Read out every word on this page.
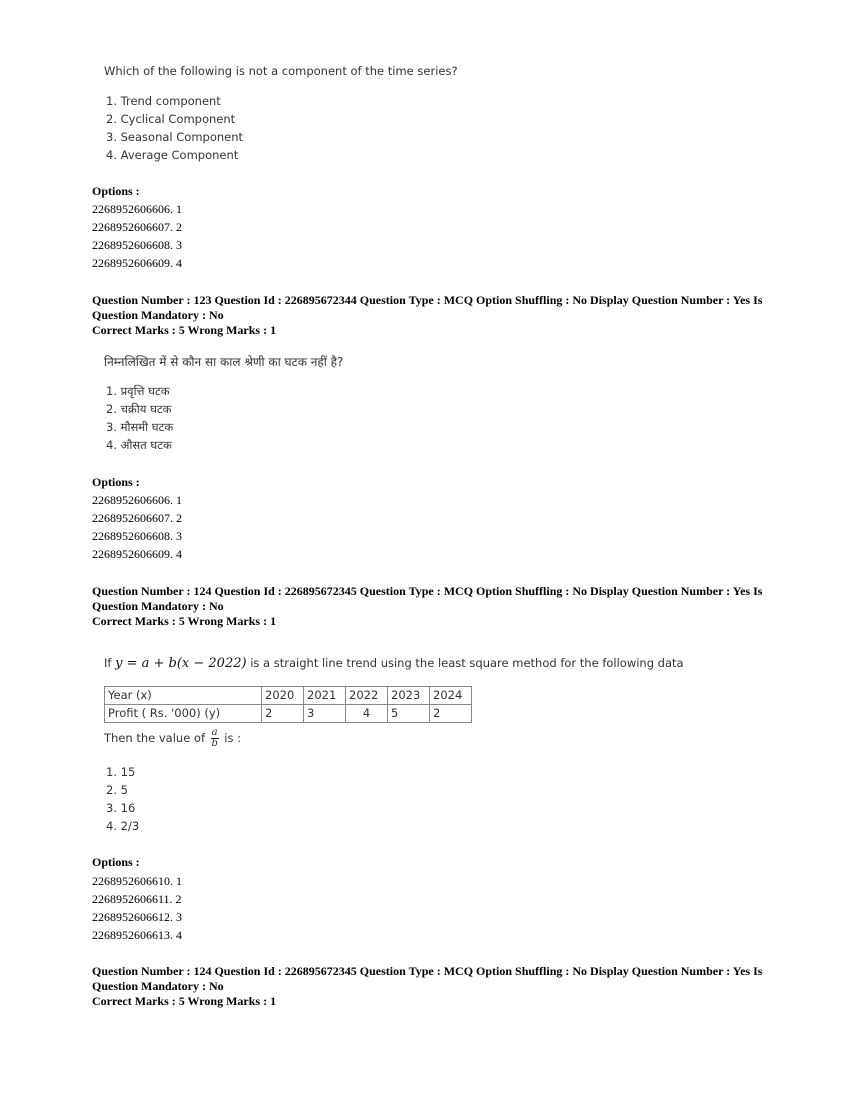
Which of the following is not a component of the time series?
1. Trend component
2. Cyclical Component
3. Seasonal Component
4. Average Component
Options :
2268952606606. 1
2268952606607. 2
2268952606608. 3
2268952606609. 4
Question Number : 123 Question Id : 226895672344 Question Type : MCQ Option Shuffling : No Display Question Number : Yes Is Question Mandatory : No
Correct Marks : 5 Wrong Marks : 1
निम्नलिखित में से कौन सा काल श्रेणी का घटक नहीं है?
1. प्रवृत्ति घटक
2. चक्रीय घटक
3. मौसमी घटक
4. औसत घटक
Options :
2268952606606. 1
2268952606607. 2
2268952606608. 3
2268952606609. 4
Question Number : 124 Question Id : 226895672345 Question Type : MCQ Option Shuffling : No Display Question Number : Yes Is Question Mandatory : No
Correct Marks : 5 Wrong Marks : 1
If y = a + b(x − 2022) is a straight line trend using the least square method for the following data
Year (x)	2020	2021	2022	2023	2024
Profit ( Rs. '000) (y)	2	3	4	5	2
Then the value of $\frac{a}{b}$ is :
1. 15
2. 5
3. 16
4. 2/3
Options :
2268952606610. 1
2268952606611. 2
2268952606612. 3
2268952606613. 4
Question Number : 124 Question Id : 226895672345 Question Type : MCQ Option Shuffling : No Display Question Number : Yes Is Question Mandatory : No
Correct Marks : 5 Wrong Marks : 1
